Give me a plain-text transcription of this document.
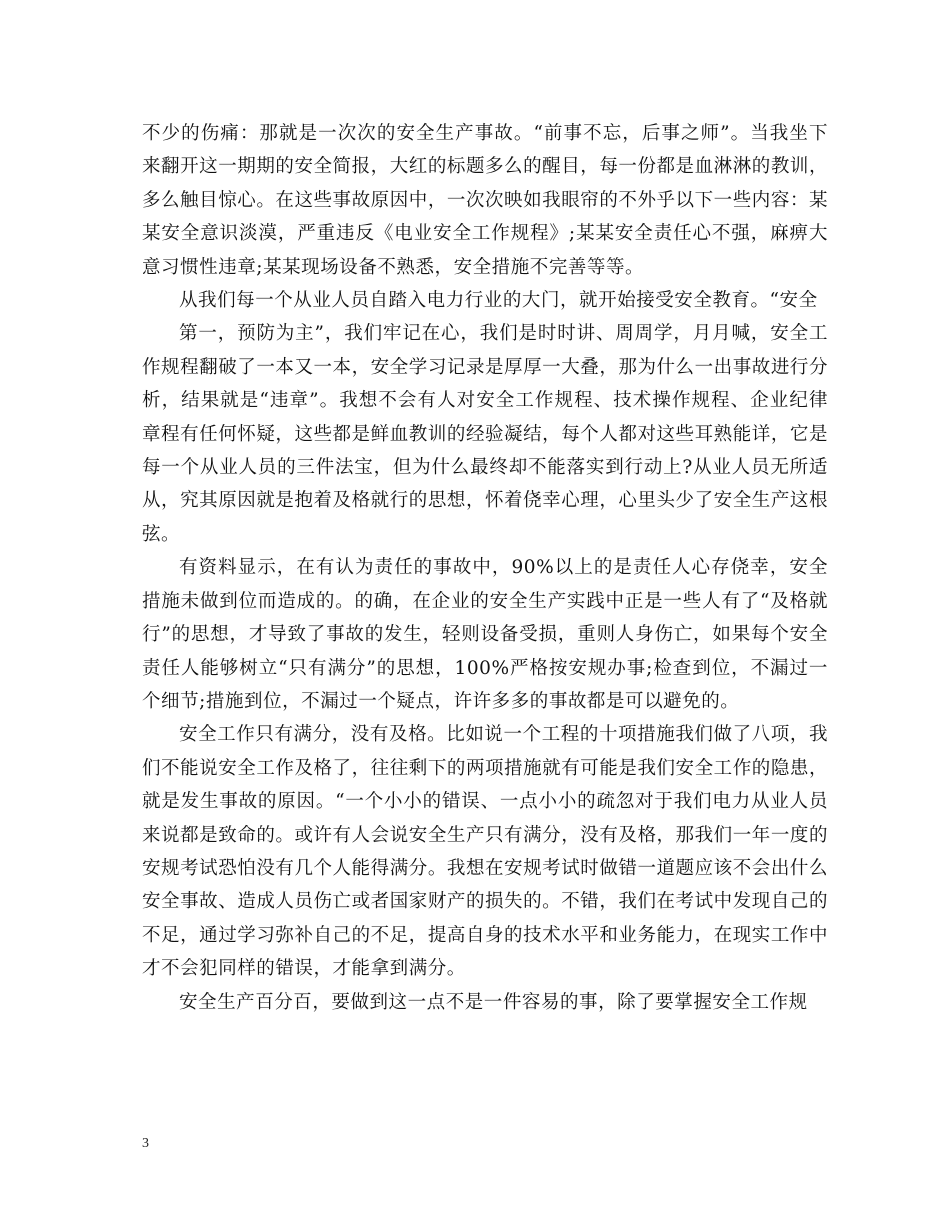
不少的伤痛：那就是一次次的安全生产事故。“前事不忘，后事之师”。当我坐下来翻开这一期期的安全简报，大红的标题多么的醒目，每一份都是血淋淋的教训，多么触目惊心。在这些事故原因中，一次次映如我眼帘的不外乎以下一些内容：某某安全意识淡漠，严重违反《电业安全工作规程》;某某安全责任心不强，麻痹大意习惯性违章;某某现场设备不熟悉，安全措施不完善等等。

从我们每一个从业人员自踏入电力行业的大门，就开始接受安全教育。“安全

第一，预防为主”，我们牢记在心，我们是时时讲、周周学，月月喊，安全工作规程翻破了一本又一本，安全学习记录是厚厚一大叠，那为什么一出事故进行分析，结果就是“违章”。我想不会有人对安全工作规程、技术操作规程、企业纪律章程有任何怀疑，这些都是鲜血教训的经验凝结，每个人都对这些耳熟能详，它是每一个从业人员的三件法宝，但为什么最终却不能落实到行动上?从业人员无所适从，究其原因就是抱着及格就行的思想，怀着侥幸心理，心里头少了安全生产这根弦。

有资料显示，在有认为责任的事故中，90%以上的是责任人心存侥幸，安全措施未做到位而造成的。的确，在企业的安全生产实践中正是一些人有了“及格就行”的思想，才导致了事故的发生，轻则设备受损，重则人身伤亡，如果每个安全责任人能够树立“只有满分”的思想，100%严格按安规办事;检查到位，不漏过一个细节;措施到位，不漏过一个疑点，许许多多的事故都是可以避免的。

安全工作只有满分，没有及格。比如说一个工程的十项措施我们做了八项，我们不能说安全工作及格了，往往剩下的两项措施就有可能是我们安全工作的隐患，就是发生事故的原因。“一个小小的错误、一点小小的疏忽对于我们电力从业人员来说都是致命的。或许有人会说安全生产只有满分，没有及格，那我们一年一度的安规考试恐怕没有几个人能得满分。我想在安规考试时做错一道题应该不会出什么安全事故、造成人员伤亡或者国家财产的损失的。不错，我们在考试中发现自己的不足，通过学习弥补自己的不足，提高自身的技术水平和业务能力，在现实工作中才不会犯同样的错误，才能拿到满分。

安全生产百分百，要做到这一点不是一件容易的事，除了要掌握安全工作规

3
